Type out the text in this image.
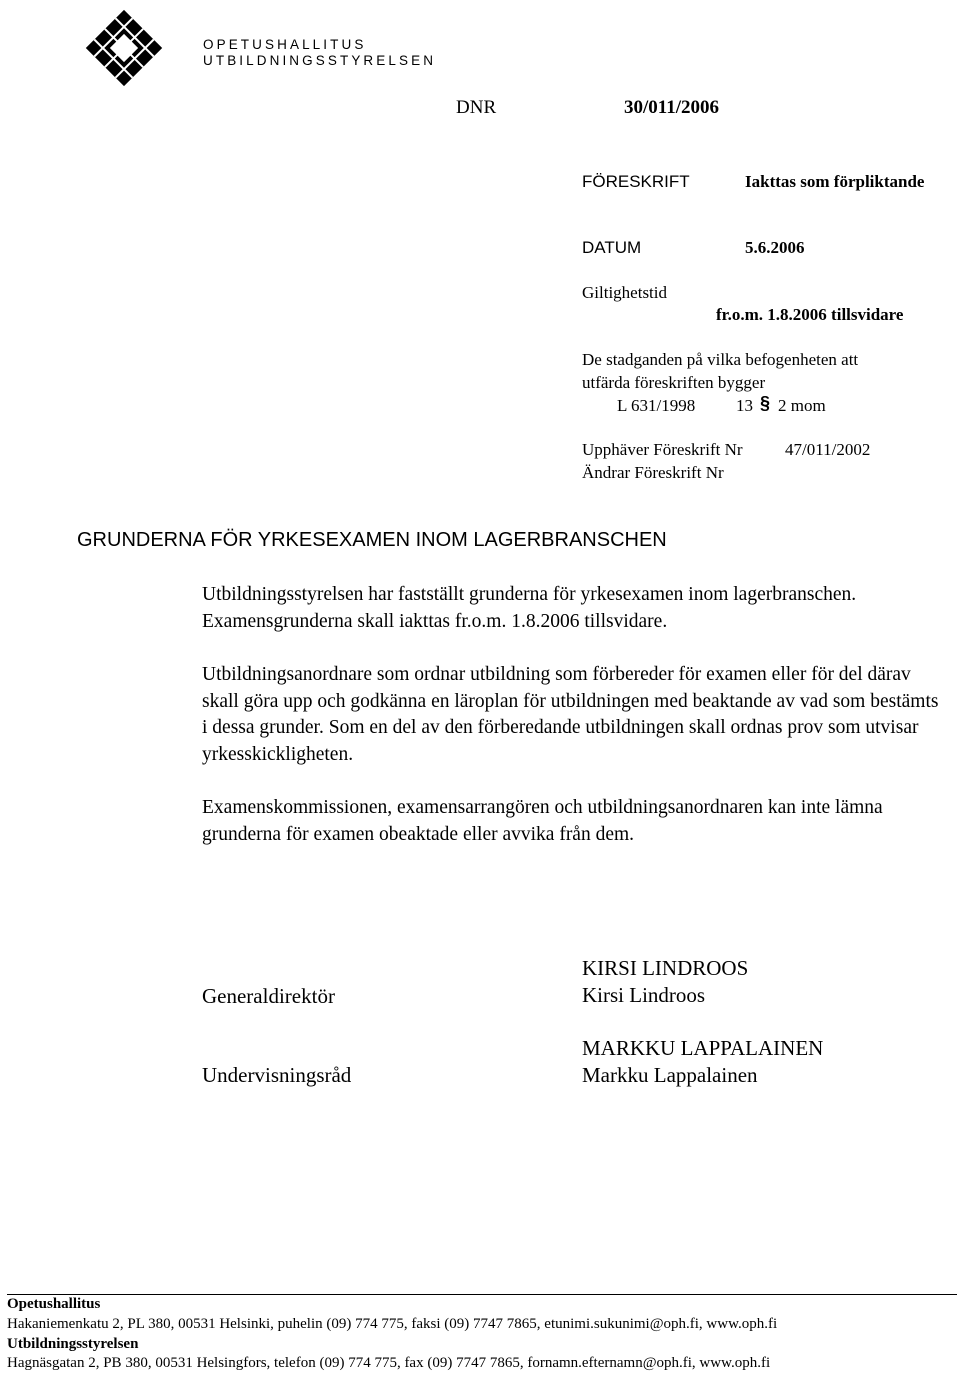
OPETUSHALLITUS
UTBILDNINGSSTYRELSEN
DNR	30/011/2006
FÖRESKRIFT	Iakttas som förpliktande
DATUM	5.6.2006
Giltighetstid
fr.o.m. 1.8.2006 tillsvidare
De stadganden på vilka befogenheten att
utfärda föreskriften bygger
L 631/1998 13 § 2 mom
Upphäver Föreskrift Nr 47/011/2002
Ändrar Föreskrift Nr
GRUNDERNA FÖR YRKESEXAMEN INOM LAGERBRANSCHEN
Utbildningsstyrelsen har fastställt grunderna för yrkesexamen inom lagerbranschen. Examensgrunderna skall iakttas fr.o.m. 1.8.2006 tillsvidare.
Utbildningsanordnare som ordnar utbildning som förbereder för examen eller för del därav skall göra upp och godkänna en läroplan för utbildningen med beaktande av vad som bestämts i dessa grunder. Som en del av den förberedande utbildningen skall ordnas prov som utvisar yrkesskickligheten.
Examenskommissionen, examensarrangören och utbildningsanordnaren kan inte lämna grunderna för examen obeaktade eller avvika från dem.
Generaldirektör
KIRSI LINDROOS
Kirsi Lindroos
Undervisningsråd
MARKKU LAPPALAINEN
Markku Lappalainen
Opetushallitus
Hakaniemenkatu 2, PL 380, 00531 Helsinki, puhelin (09) 774 775, faksi (09) 7747 7865, etunimi.sukunimi@oph.fi, www.oph.fi
Utbildningsstyrelsen
Hagnäsgatan 2, PB 380, 00531 Helsingfors, telefon (09) 774 775, fax (09) 7747 7865, fornamn.efternamn@oph.fi, www.oph.fi
